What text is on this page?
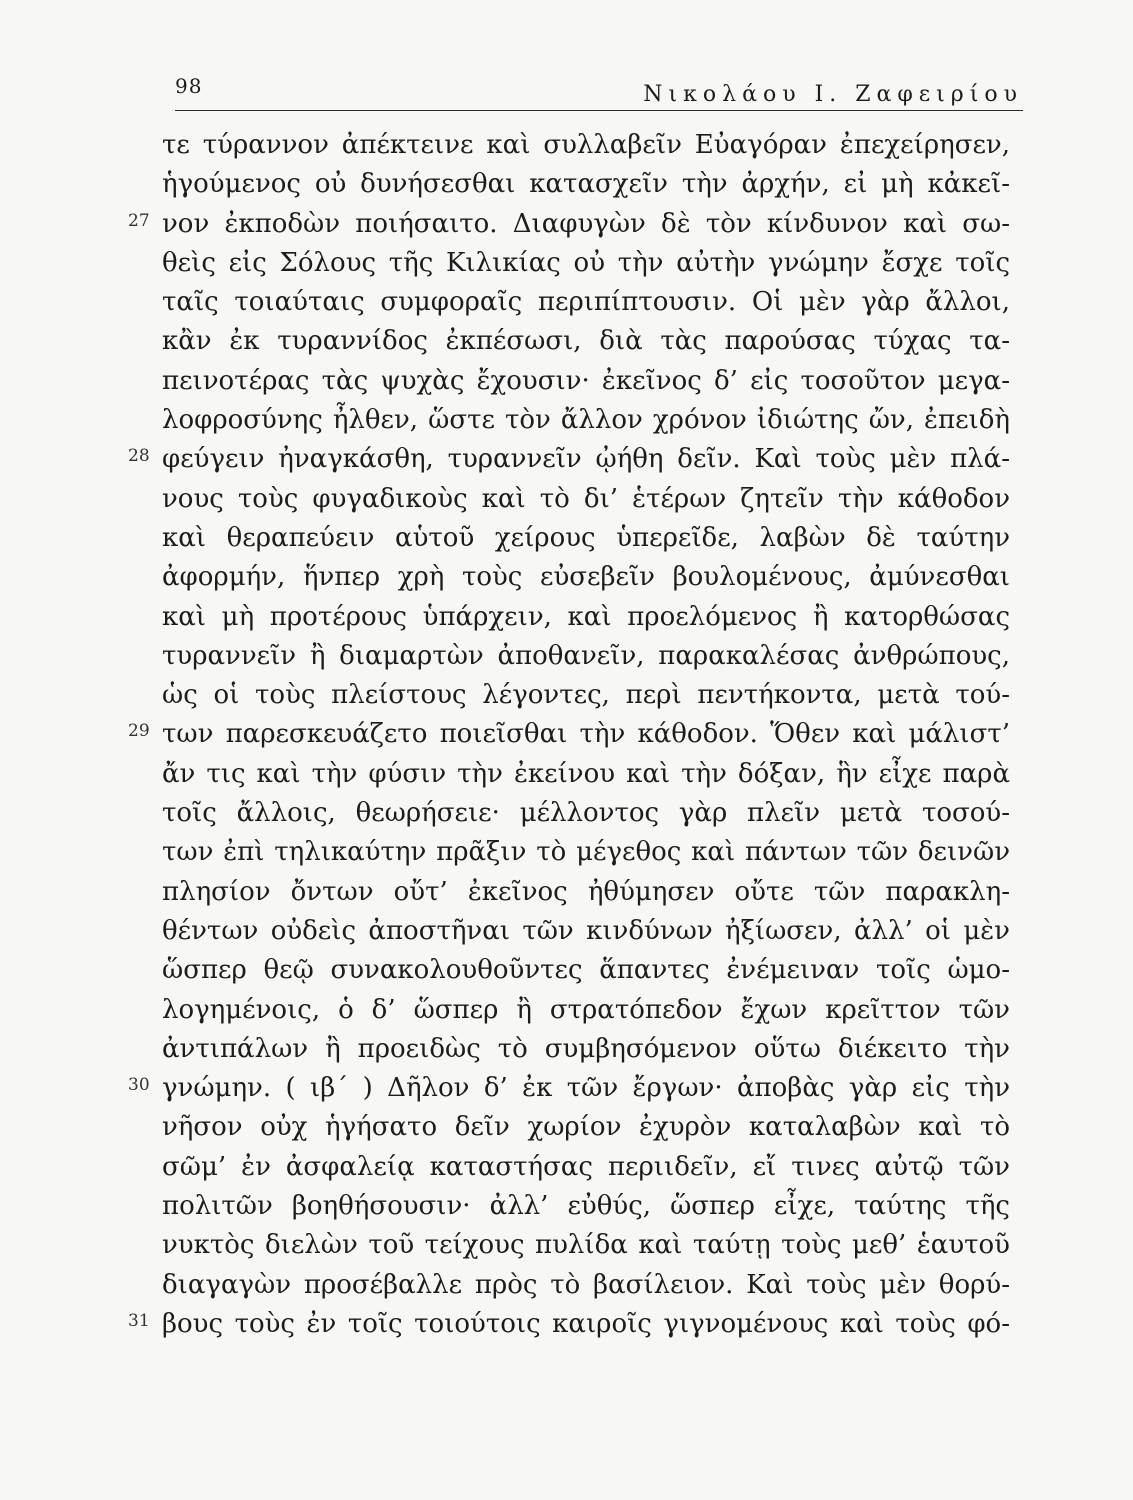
98	Νικολάου Ι. Ζαφειρίου
τε τύραννον ἀπέκτεινε καὶ συλλαβεῖν Εὐαγόραν ἐπεχείρησεν,
ἡγούμενος οὐ δυνήσεσθαι κατασχεῖν τὴν ἀρχήν, εἰ μὴ κἀκεῖ-
27 νον ἐκποδὼν ποιήσαιτο. Διαφυγὼν δὲ τὸν κίνδυνον καὶ σω-
θεὶς εἰς Σόλους τῆς Κιλικίας οὐ τὴν αὐτὴν γνώμην ἔσχε τοῖς
ταῖς τοιαύταις συμφοραῖς περιπίπτουσιν. Οἱ μὲν γὰρ ἄλλοι,
κἂν ἐκ τυραννίδος ἐκπέσωσι, διὰ τὰς παρούσας τύχας τα-
πεινοτέρας τὰς ψυχὰς ἔχουσιν· ἐκεῖνος δ’ εἰς τοσοῦτον μεγα-
λοφροσύνης ἦλθεν, ὥστε τὸν ἄλλον χρόνον ἰδιώτης ὤν, ἐπειδὴ
28 φεύγειν ἠναγκάσθη, τυραννεῖν ᾠήθη δεῖν. Καὶ τοὺς μὲν πλά-
νους τοὺς φυγαδικοὺς καὶ τὸ δι’ ἑτέρων ζητεῖν τὴν κάθοδον
καὶ θεραπεύειν αὑτοῦ χείρους ὑπερεῖδε, λαβὼν δὲ ταύτην
ἀφορμήν, ἥνπερ χρὴ τοὺς εὐσεβεῖν βουλομένους, ἀμύνεσθαι
καὶ μὴ προτέρους ὑπάρχειν, καὶ προελόμενος ἢ κατορθώσας
τυραννεῖν ἢ διαμαρτὼν ἀποθανεῖν, παρακαλέσας ἀνθρώπους,
ὡς οἱ τοὺς πλείστους λέγοντες, περὶ πεντήκοντα, μετὰ τού-
29 των παρεσκευάζετο ποιεῖσθαι τὴν κάθοδον. Ὅθεν καὶ μάλιστ’
ἄν τις καὶ τὴν φύσιν τὴν ἐκείνου καὶ τὴν δόξαν, ἣν εἶχε παρὰ
τοῖς ἄλλοις, θεωρήσειε· μέλλοντος γὰρ πλεῖν μετὰ τοσού-
των ἐπὶ τηλικαύτην πρᾶξιν τὸ μέγεθος καὶ πάντων τῶν δεινῶν
πλησίον ὄντων οὔτ’ ἐκεῖνος ἠθύμησεν οὔτε τῶν παρακλη-
θέντων οὐδεὶς ἀποστῆναι τῶν κινδύνων ἠξίωσεν, ἀλλ’ οἱ μὲν
ὥσπερ θεῷ συνακολουθοῦντες ἅπαντες ἐνέμειναν τοῖς ὡμο-
λογημένοις, ὁ δ’ ὥσπερ ἢ στρατόπεδον ἔχων κρεῖττον τῶν
ἀντιπάλων ἢ προειδὼς τὸ συμβησόμενον οὕτω διέκειτο τὴν
30 γνώμην. ( ιβ΄ ) Δῆλον δ’ ἐκ τῶν ἔργων· ἀποβὰς γὰρ εἰς τὴν
νῆσον οὐχ ἡγήσατο δεῖν χωρίον ἐχυρὸν καταλαβὼν καὶ τὸ
σῶμ’ ἐν ἀσφαλείᾳ καταστήσας περιιδεῖν, εἴ τινες αὐτῷ τῶν
πολιτῶν βοηθήσουσιν· ἀλλ’ εὐθύς, ὥσπερ εἶχε, ταύτης τῆς
νυκτὸς διελὼν τοῦ τείχους πυλίδα καὶ ταύτῃ τοὺς μεθ’ ἑαυτοῦ
διαγαγὼν προσέβαλλε πρὸς τὸ βασίλειον. Καὶ τοὺς μὲν θορύ-
31 βους τοὺς ἐν τοῖς τοιούτοις καιροῖς γιγνομένους καὶ τοὺς φό-
